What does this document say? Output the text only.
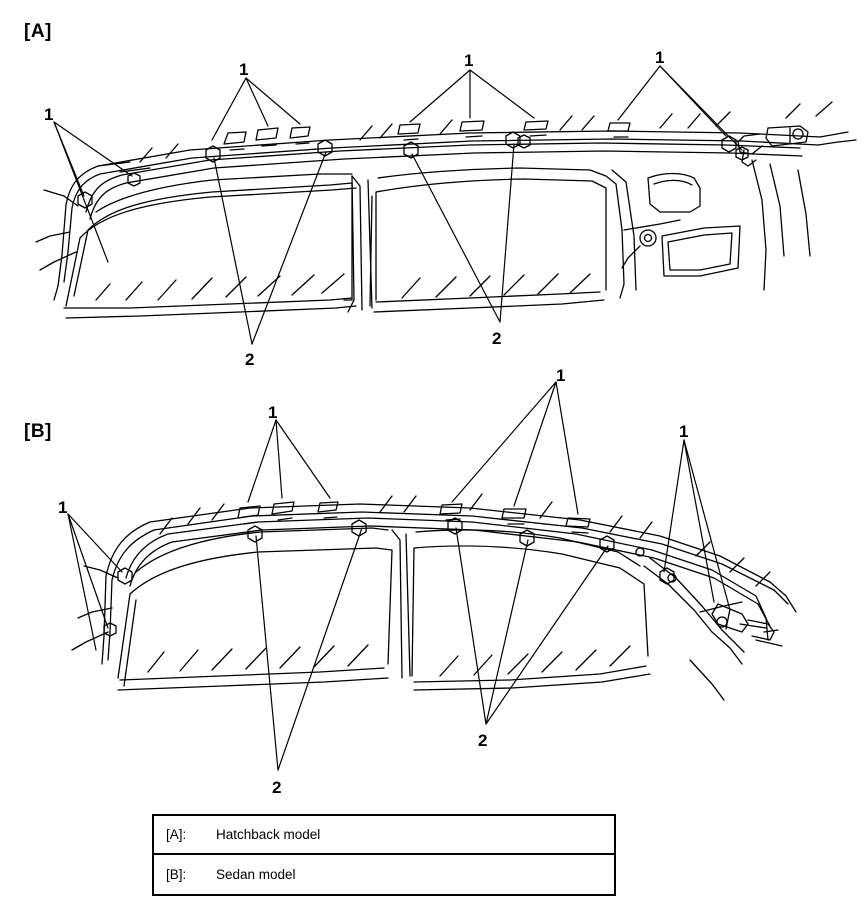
[A]
[B]
1
1	1	1
2
2
1
1
1
1
2
2
[A]:	Hatchback model
[B]:	Sedan model
